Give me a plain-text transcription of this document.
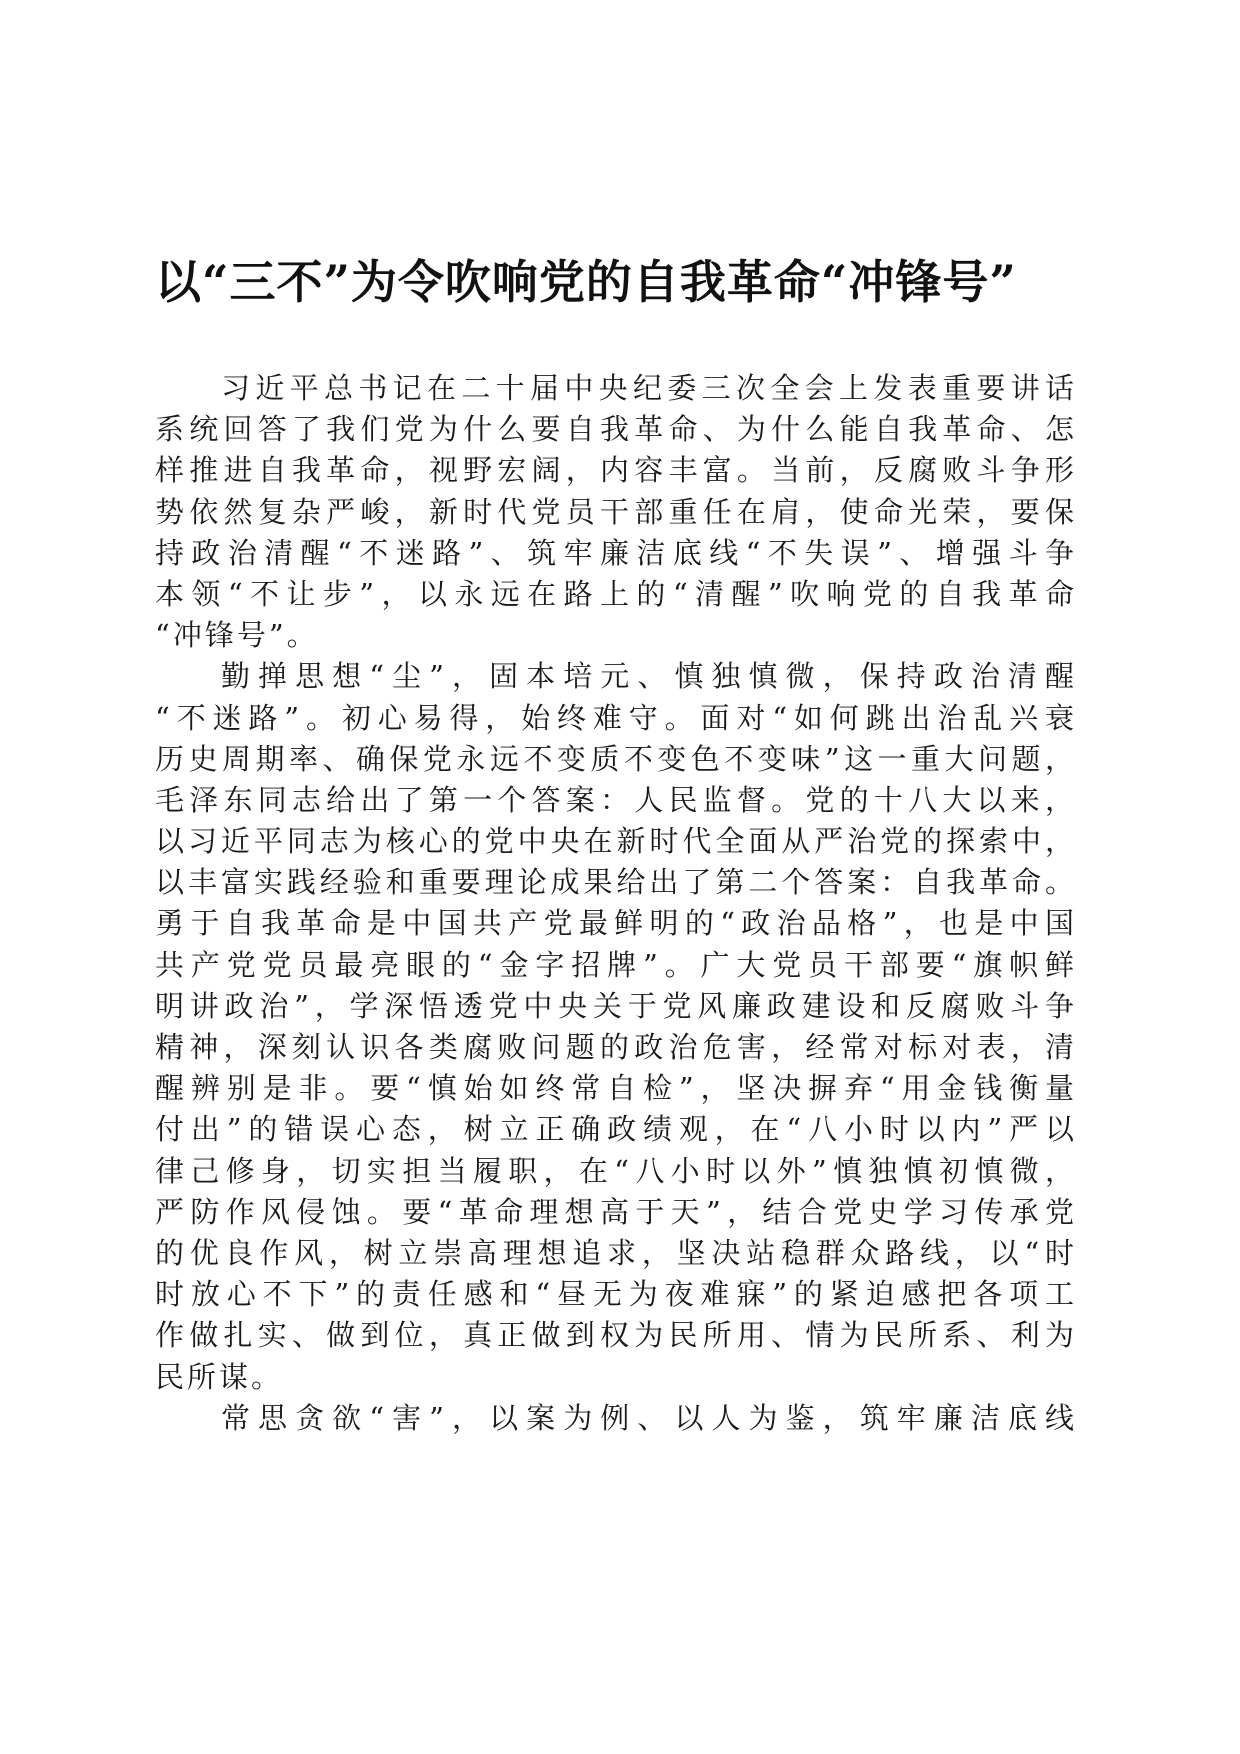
以“三不”为令吹响党的自我革命“冲锋号”
习近平总书记在二十届中央纪委三次全会上发表重要讲话
系统回答了我们党为什么要自我革命、为什么能自我革命、怎
样推进自我革命，视野宏阔，内容丰富。当前，反腐败斗争形
势依然复杂严峻，新时代党员干部重任在肩，使命光荣，要保
持政治清醒“不迷路”、筑牢廉洁底线“不失误”、增强斗争
本领“不让步”，以永远在路上的“清醒”吹响党的自我革命
“冲锋号”。
勤掸思想“尘”，固本培元、慎独慎微，保持政治清醒
“不迷路”。初心易得，始终难守。面对“如何跳出治乱兴衰
历史周期率、确保党永远不变质不变色不变味”这一重大问题，
毛泽东同志给出了第一个答案：人民监督。党的十八大以来，
以习近平同志为核心的党中央在新时代全面从严治党的探索中，
以丰富实践经验和重要理论成果给出了第二个答案：自我革命。
勇于自我革命是中国共产党最鲜明的“政治品格”，也是中国
共产党党员最亮眼的“金字招牌”。广大党员干部要“旗帜鲜
明讲政治”，学深悟透党中央关于党风廉政建设和反腐败斗争
精神，深刻认识各类腐败问题的政治危害，经常对标对表，清
醒辨别是非。要“慎始如终常自检”，坚决摒弃“用金钱衡量
付出”的错误心态，树立正确政绩观，在“八小时以内”严以
律己修身，切实担当履职，在“八小时以外”慎独慎初慎微，
严防作风侵蚀。要“革命理想高于天”，结合党史学习传承党
的优良作风，树立崇高理想追求，坚决站稳群众路线，以“时
时放心不下”的责任感和“昼无为夜难寐”的紧迫感把各项工
作做扎实、做到位，真正做到权为民所用、情为民所系、利为
民所谋。
常思贪欲“害”，以案为例、以人为鉴，筑牢廉洁底线
